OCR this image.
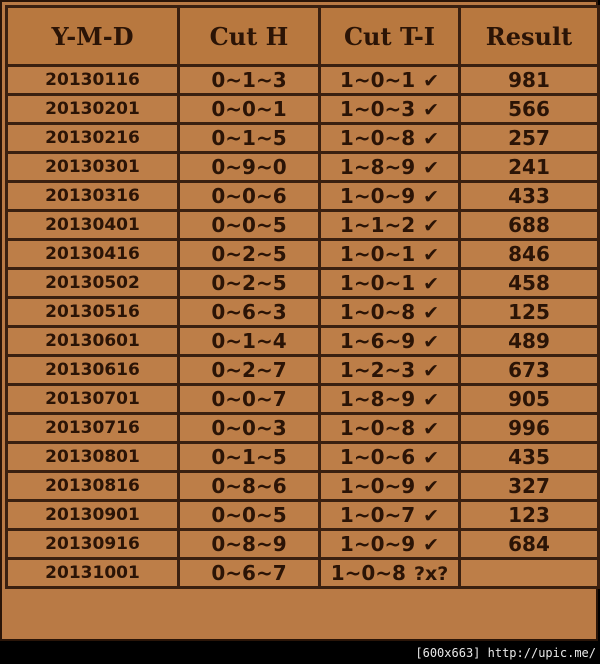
Y-M-D	Cut H	Cut T-I	Result
20130116	0~1~3	1~0~1 ✔	981
20130201	0~0~1	1~0~3 ✔	566
20130216	0~1~5	1~0~8 ✔	257
20130301	0~9~0	1~8~9 ✔	241
20130316	0~0~6	1~0~9 ✔	433
20130401	0~0~5	1~1~2 ✔	688
20130416	0~2~5	1~0~1 ✔	846
20130502	0~2~5	1~0~1 ✔	458
20130516	0~6~3	1~0~8 ✔	125
20130601	0~1~4	1~6~9 ✔	489
20130616	0~2~7	1~2~3 ✔	673
20130701	0~0~7	1~8~9 ✔	905
20130716	0~0~3	1~0~8 ✔	996
20130801	0~1~5	1~0~6 ✔	435
20130816	0~8~6	1~0~9 ✔	327
20130901	0~0~5	1~0~7 ✔	123
20130916	0~8~9	1~0~9 ✔	684
20131001	0~6~7	1~0~8 ?x?	
[600x663] http://upic.me/
